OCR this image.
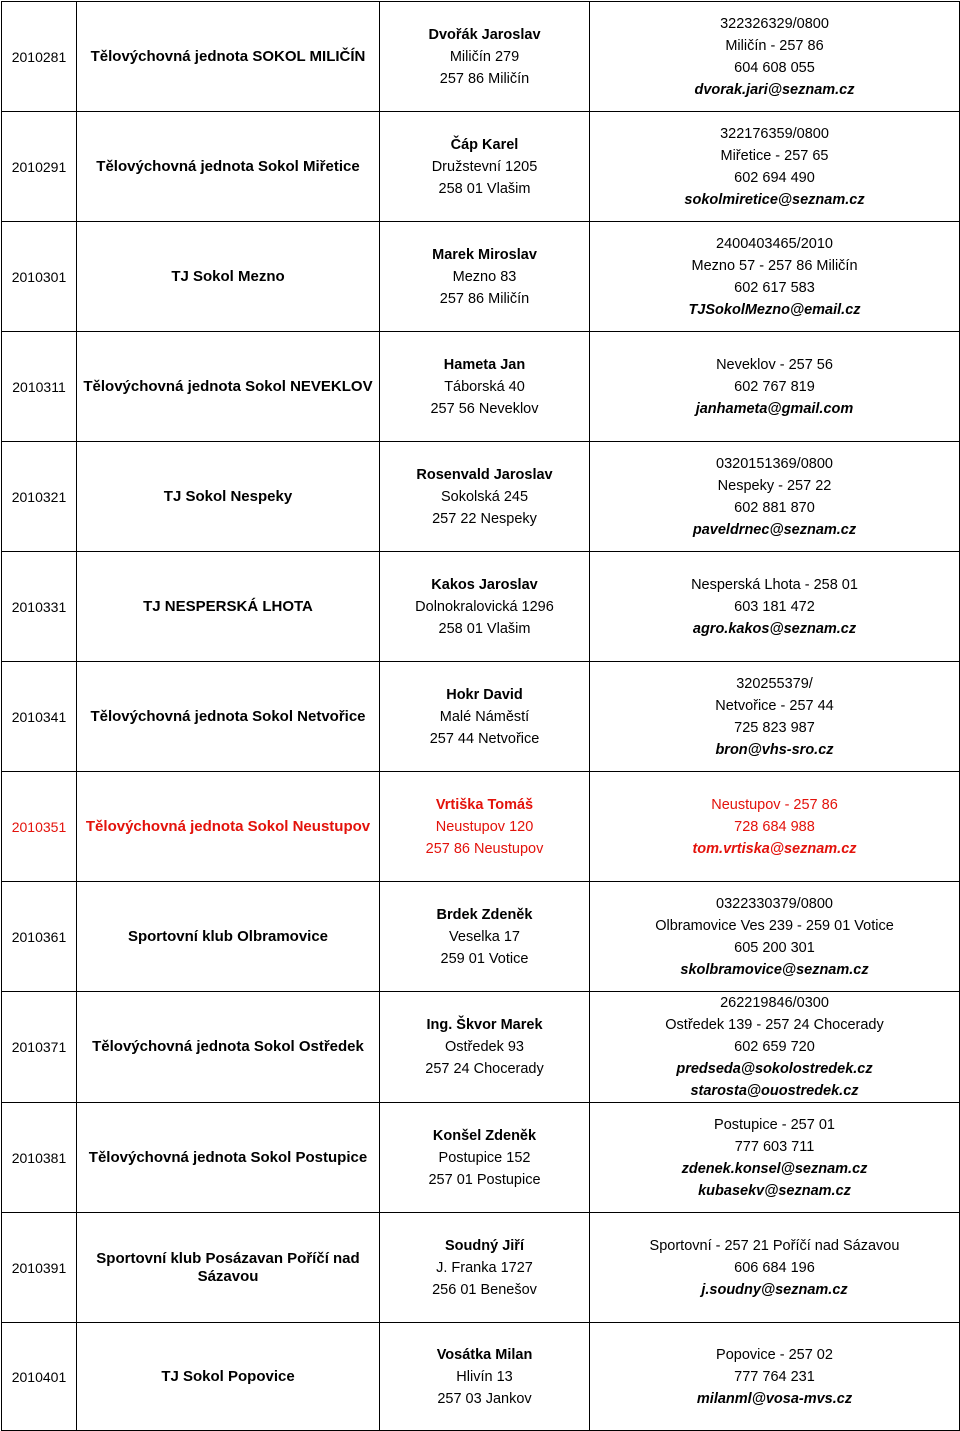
2010281	Tělovýchovná jednota SOKOL MILIČÍN	Dvořák Jaroslav
Miličín 279
257 86 Miličín	322326329/0800
Miličín - 257 86
604 608 055
dvorak.jari@seznam.cz

2010291	Tělovýchovná jednota Sokol Miřetice	Čáp Karel
Družstevní 1205
258 01 Vlašim	322176359/0800
Miřetice - 257 65
602 694 490
sokolmiretice@seznam.cz

2010301	TJ Sokol Mezno	Marek Miroslav
Mezno 83
257 86 Miličín	2400403465/2010
Mezno 57 - 257 86 Miličín
602 617 583
TJSokolMezno@email.cz

2010311	Tělovýchovná jednota Sokol NEVEKLOV	Hameta Jan
Táborská 40
257 56 Neveklov	Neveklov - 257 56
602 767 819
janhameta@gmail.com

2010321	TJ Sokol Nespeky	Rosenvald Jaroslav
Sokolská 245
257 22 Nespeky	0320151369/0800
Nespeky - 257 22
602 881 870
paveldrnec@seznam.cz

2010331	TJ NESPERSKÁ LHOTA	Kakos Jaroslav
Dolnokralovická 1296
258 01 Vlašim	Nesperská Lhota - 258 01
603 181 472
agro.kakos@seznam.cz

2010341	Tělovýchovná jednota Sokol Netvořice	Hokr David
Malé Náměstí
257 44 Netvořice	320255379/
Netvořice - 257 44
725 823 987
bron@vhs-sro.cz

2010351	Tělovýchovná jednota Sokol Neustupov	Vrtiška Tomáš
Neustupov 120
257 86 Neustupov	Neustupov - 257 86
728 684 988
tom.vrtiska@seznam.cz

2010361	Sportovní klub Olbramovice	Brdek Zdeněk
Veselka 17
259 01 Votice	0322330379/0800
Olbramovice Ves 239 - 259 01 Votice
605 200 301
skolbramovice@seznam.cz

2010371	Tělovýchovná jednota Sokol Ostředek	Ing. Škvor Marek
Ostředek 93
257 24 Chocerady	262219846/0300
Ostředek 139 - 257 24 Chocerady
602 659 720
predseda@sokolostredek.cz
starosta@ouostredek.cz

2010381	Tělovýchovná jednota Sokol Postupice	Konšel Zdeněk
Postupice 152
257 01 Postupice	Postupice - 257 01
777 603 711
zdenek.konsel@seznam.cz
kubasekv@seznam.cz

2010391	Sportovní klub Posázavan Poříčí nad Sázavou	Soudný Jiří
J. Franka 1727
256 01 Benešov	Sportovní - 257 21 Poříčí nad Sázavou
606 684 196
j.soudny@seznam.cz

2010401	TJ Sokol Popovice	Vosátka Milan
Hlivín 13
257 03 Jankov	Popovice - 257 02
777 764 231
milanml@vosa-mvs.cz
